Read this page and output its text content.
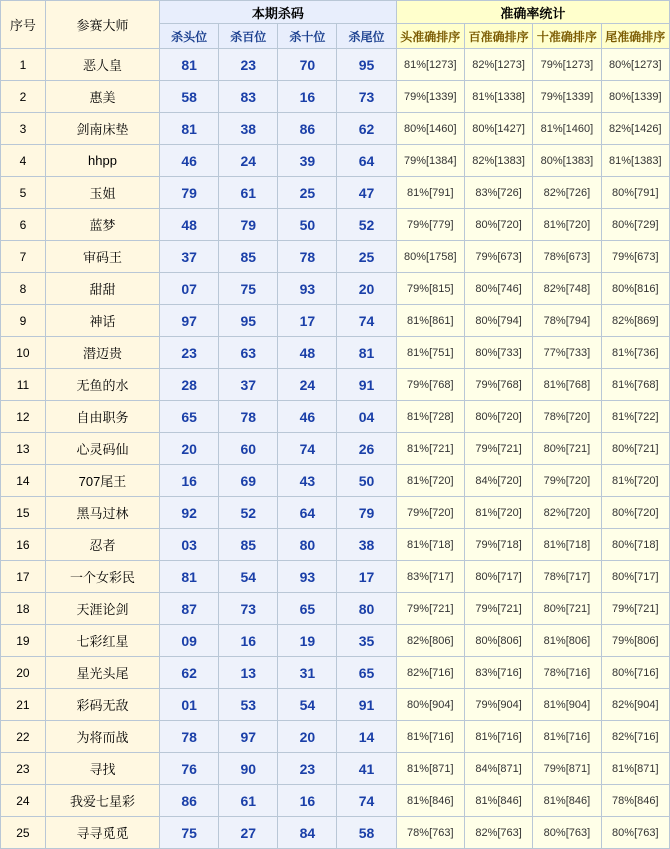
序号	参赛大师	本期杀码				准确率统计			
		杀头位	杀百位	杀十位	杀尾位	头准确排序	百准确排序	十准确排序	尾准确排序
1	恶人皇	81	23	70	95	81%[1273]	82%[1273]	79%[1273]	80%[1273]
2	惠美	58	83	16	73	79%[1339]	81%[1338]	79%[1339]	80%[1339]
3	剑南床垫	81	38	86	62	80%[1460]	80%[1427]	81%[1460]	82%[1426]
4	hhpp	46	24	39	64	79%[1384]	82%[1383]	80%[1383]	81%[1383]
5	玉姐	79	61	25	47	81%[791]	83%[726]	82%[726]	80%[791]
6	蓝梦	48	79	50	52	79%[779]	80%[720]	81%[720]	80%[729]
7	审码王	37	85	78	25	80%[1758]	79%[673]	78%[673]	79%[673]
8	甜甜	07	75	93	20	79%[815]	80%[746]	82%[748]	80%[816]
9	神话	97	95	17	74	81%[861]	80%[794]	78%[794]	82%[869]
10	潜迈贵	23	63	48	81	81%[751]	80%[733]	77%[733]	81%[736]
11	无鱼的水	28	37	24	91	79%[768]	79%[768]	81%[768]	81%[768]
12	自由职务	65	78	46	04	81%[728]	80%[720]	78%[720]	81%[722]
13	心灵码仙	20	60	74	26	81%[721]	79%[721]	80%[721]	80%[721]
14	707尾王	16	69	43	50	81%[720]	84%[720]	79%[720]	81%[720]
15	黑马过林	92	52	64	79	79%[720]	81%[720]	82%[720]	80%[720]
16	忍者	03	85	80	38	81%[718]	79%[718]	81%[718]	80%[718]
17	一个女彩民	81	54	93	17	83%[717]	80%[717]	78%[717]	80%[717]
18	天涯论剑	87	73	65	80	79%[721]	79%[721]	80%[721]	79%[721]
19	七彩红星	09	16	19	35	82%[806]	80%[806]	81%[806]	79%[806]
20	星光头尾	62	13	31	65	82%[716]	83%[716]	78%[716]	80%[716]
21	彩码无敌	01	53	54	91	80%[904]	79%[904]	81%[904]	82%[904]
22	为将而战	78	97	20	14	81%[716]	81%[716]	81%[716]	82%[716]
23	寻找	76	90	23	41	81%[871]	84%[871]	79%[871]	81%[871]
24	我爱七星彩	86	61	16	74	81%[846]	81%[846]	81%[846]	78%[846]
25	寻寻觅觅	75	27	84	58	78%[763]	82%[763]	80%[763]	80%[763]
